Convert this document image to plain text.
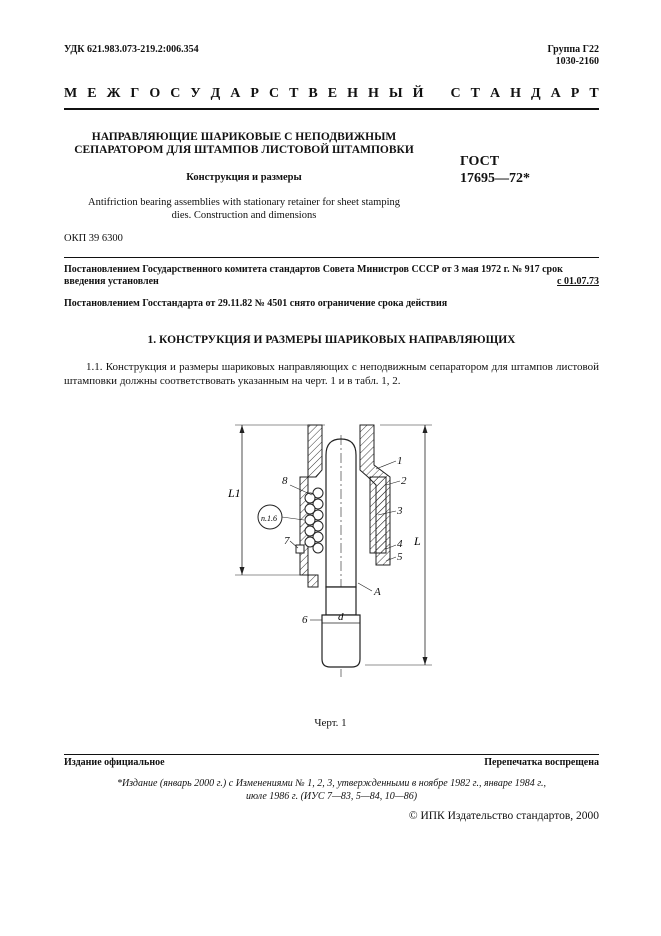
УДК 621.983.073-219.2:006.354	Группа Г22
1030-2160
М Е Ж Г О С У Д А Р С Т В Е Н Н Ы Й
С Т А Н Д А Р Т
НАПРАВЛЯЮЩИЕ ШАРИКОВЫЕ С НЕПОДВИЖНЫМ
СЕПАРАТОРОМ ДЛЯ ШТАМПОВ ЛИСТОВОЙ ШТАМПОВКИ
Конструкция и размеры
ГОСТ
17695—72*
Antifriction bearing assemblies with stationary retainer for sheet stamping
dies. Construction and dimensions
ОКП 39 6300
Постановлением Государственного комитета стандартов Совета Министров СССР от 3 мая 1972 г. № 917 срок
введения установлен	с 01.07.73
Постановлением Госстандарта от 29.11.82 № 4501 снято ограничение срока действия
1. КОНСТРУКЦИЯ И РАЗМЕРЫ ШАРИКОВЫХ НАПРАВЛЯЮЩИХ
1.1. Конструкция и размеры шариковых направляющих с неподвижным сепаратором для штампов листовой штамповки должны соответствовать указанным на черт. 1 и в табл. 1, 2.
L1
L
d
п.1.6
1
2
3
4
5
6
7
8
А
Черт. 1
Издание официальное	Перепечатка воспрещена
*Издание (январь 2000 г.) с Изменениями № 1, 2, 3, утвержденными в ноябре 1982 г., январе 1984 г.,
июле 1986 г. (ИУС 7—83, 5—84, 10—86)
© ИПК Издательство стандартов, 2000
